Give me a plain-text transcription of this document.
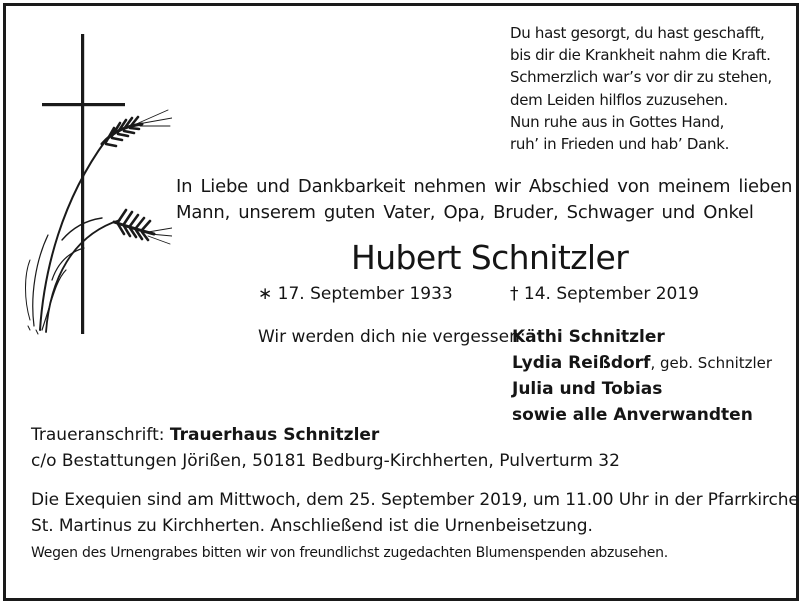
Du hast gesorgt, du hast geschafft,
bis dir die Krankheit nahm die Kraft.
Schmerzlich war’s vor dir zu stehen,
dem Leiden hilflos zuzusehen.
Nun ruhe aus in Gottes Hand,
ruh’ in Frieden und hab’ Dank.
In Liebe und Dankbarkeit nehmen wir Abschied von meinem lieben
Mann, unserem guten Vater, Opa, Bruder, Schwager und Onkel
Hubert Schnitzler
∗ 17. September 1933	† 14. September 2019
Wir werden dich nie vergessen:
Käthi Schnitzler
Lydia Reißdorf, geb. Schnitzler
Julia und Tobias
sowie alle Anverwandten
Traueranschrift: Trauerhaus Schnitzler
c/o Bestattungen Jörißen, 50181 Bedburg-Kirchherten, Pulverturm 32
Die Exequien sind am Mittwoch, dem 25. September 2019, um 11.00 Uhr in der Pfarrkirche
St. Martinus zu Kirchherten. Anschließend ist die Urnenbeisetzung.
Wegen des Urnengrabes bitten wir von freundlichst zugedachten Blumenspenden abzusehen.
